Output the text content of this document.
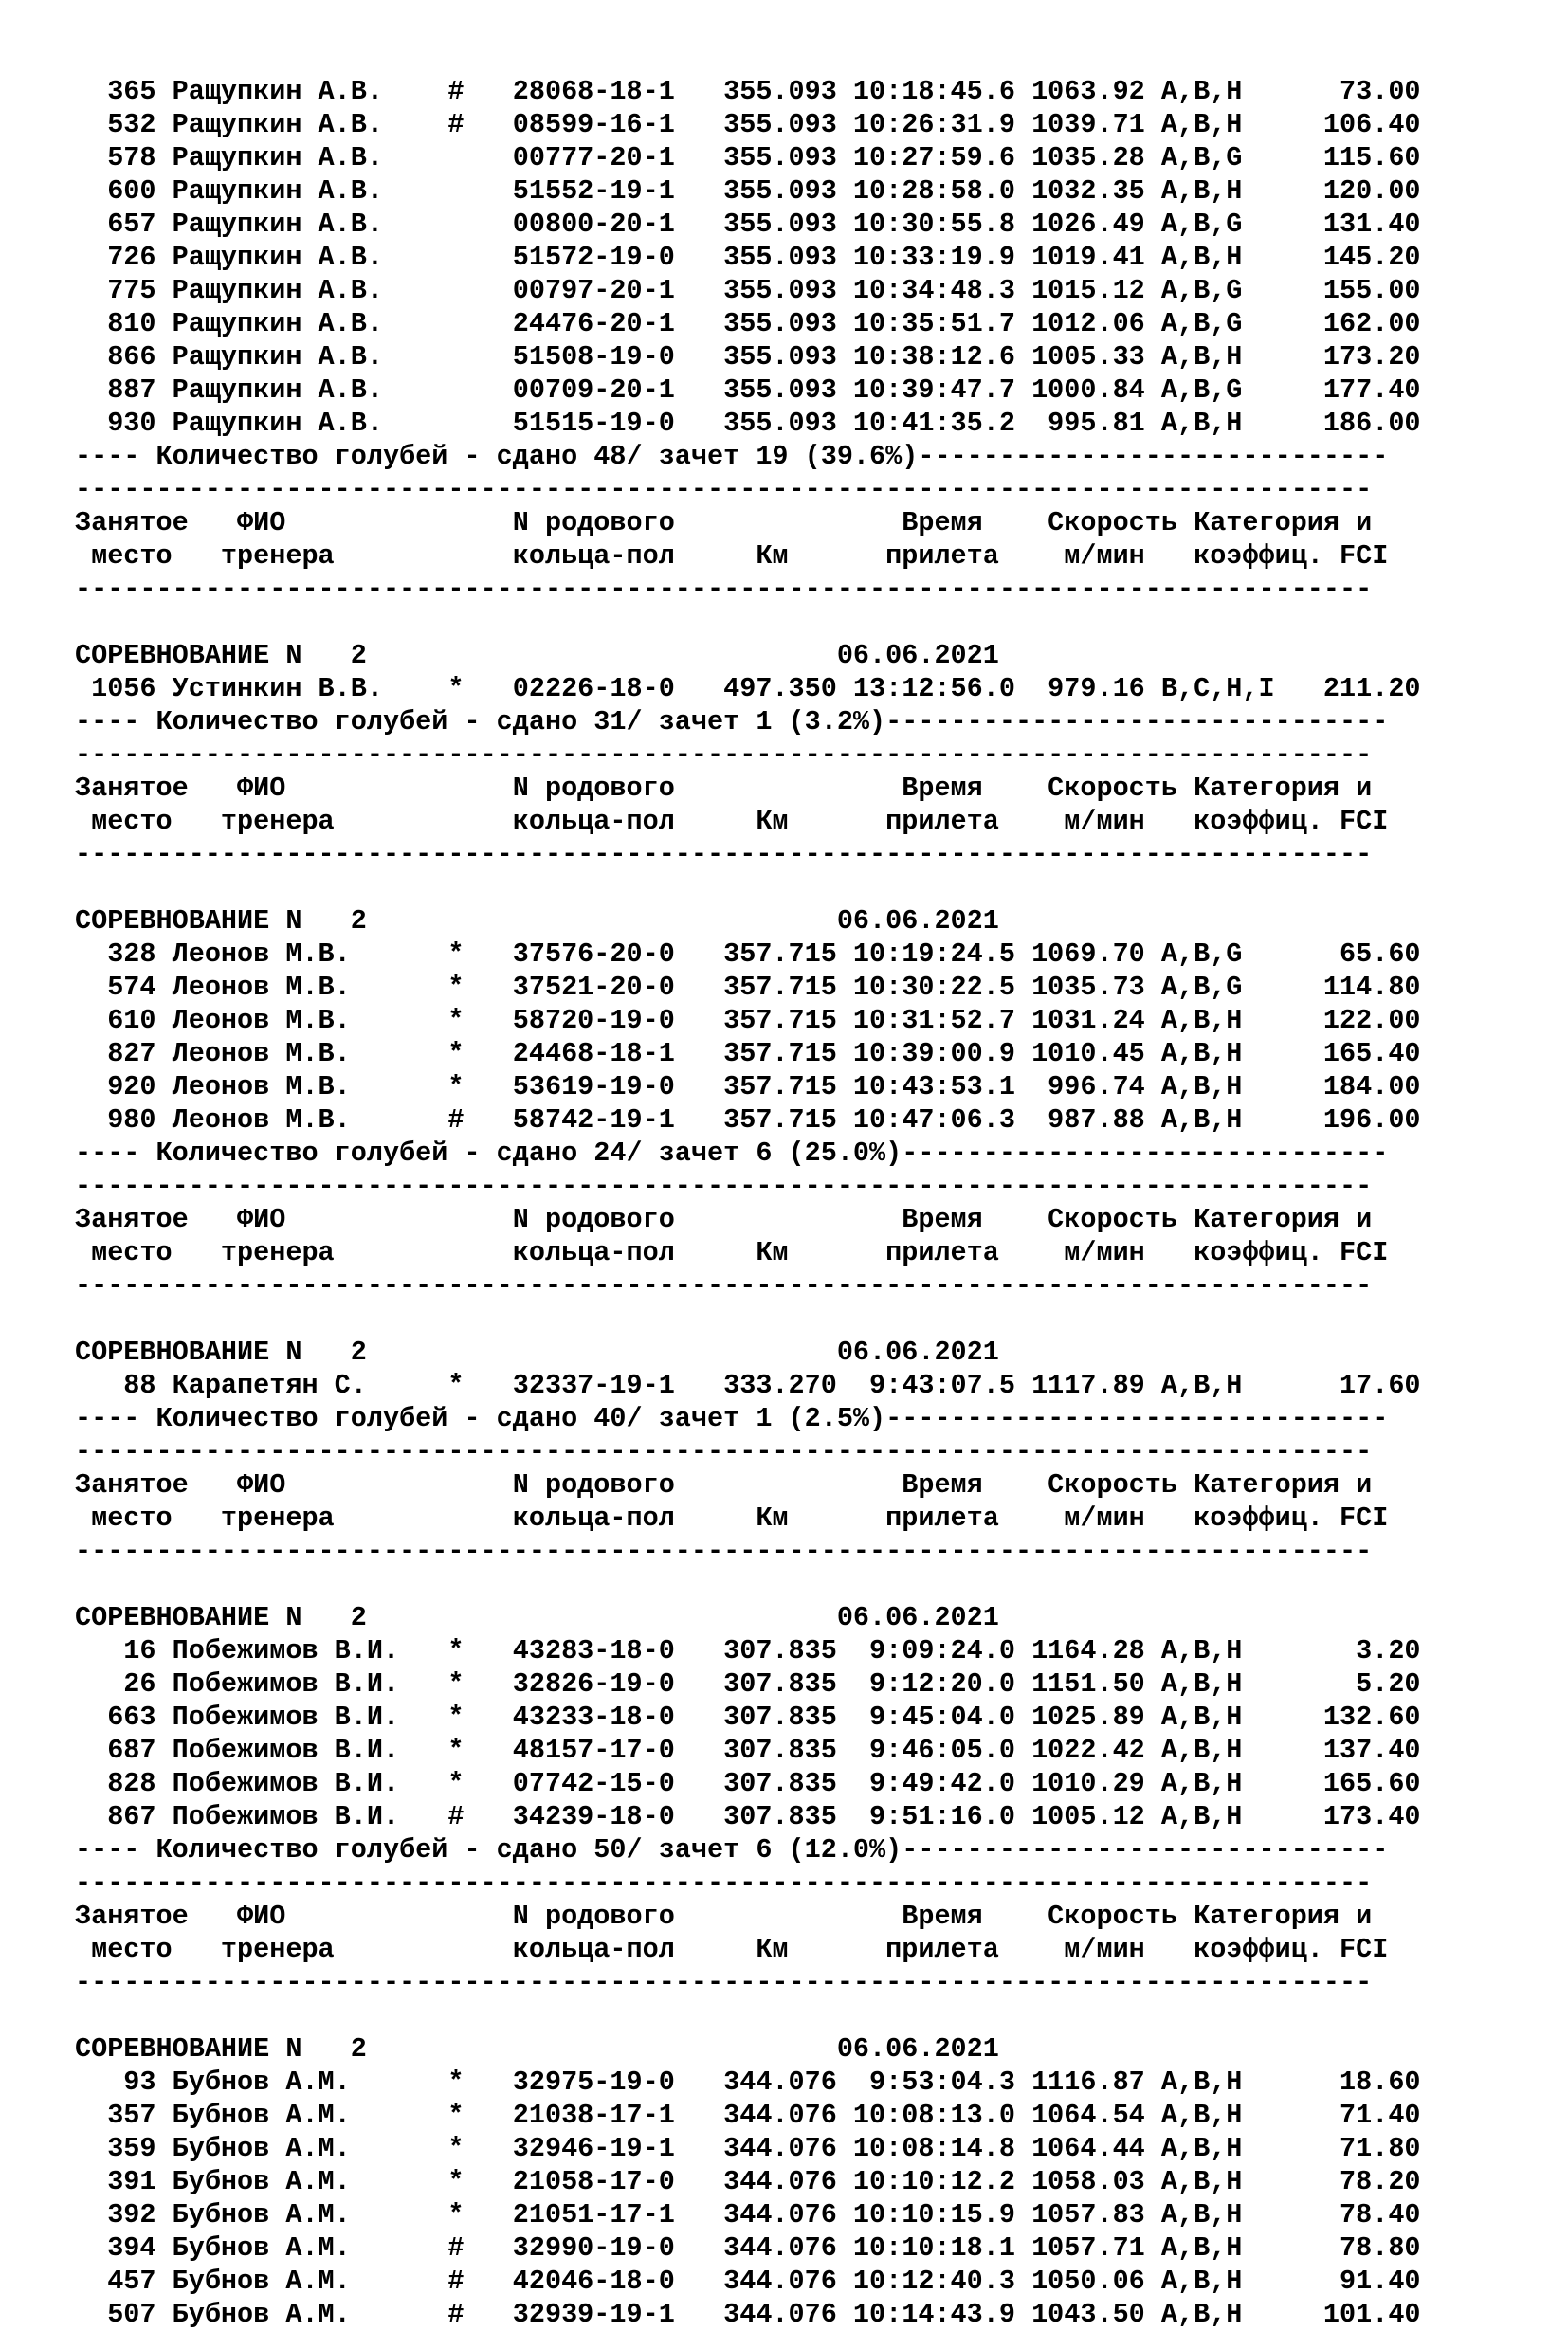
365 Ращупкин А.В.    #   28068-18-1   355.093 10:18:45.6 1063.92 A,B,H      73.00
532 Ращупкин А.В.    #   08599-16-1   355.093 10:26:31.9 1039.71 A,B,H     106.40
578 Ращупкин А.В.        00777-20-1   355.093 10:27:59.6 1035.28 A,B,G     115.60
600 Ращупкин А.В.        51552-19-1   355.093 10:28:58.0 1032.35 A,B,H     120.00
657 Ращупкин А.В.        00800-20-1   355.093 10:30:55.8 1026.49 A,B,G     131.40
726 Ращупкин А.В.        51572-19-0   355.093 10:33:19.9 1019.41 A,B,H     145.20
775 Ращупкин А.В.        00797-20-1   355.093 10:34:48.3 1015.12 A,B,G     155.00
810 Ращупкин А.В.        24476-20-1   355.093 10:35:51.7 1012.06 A,B,G     162.00
866 Ращупкин А.В.        51508-19-0   355.093 10:38:12.6 1005.33 A,B,H     173.20
887 Ращупкин А.В.        00709-20-1   355.093 10:39:47.7 1000.84 A,B,G     177.40
930 Ращупкин А.В.        51515-19-0   355.093 10:41:35.2  995.81 A,B,H     186.00
---- Количество голубей - сдано 48/ зачет 19 (39.6%)-----------------------------
--------------------------------------------------------------------------------
Занятое   ФИО              N родового              Время    Скорость Категория и
место   тренера           кольца-пол     Км      прилета    м/мин   коэффиц. FCI
--------------------------------------------------------------------------------
СОРЕВНОВАНИЕ N   2                             06.06.2021
1056 Устинкин В.В.    *   02226-18-0   497.350 13:12:56.0  979.16 B,C,H,I   211.20
---- Количество голубей - сдано 31/ зачет 1 (3.2%)-------------------------------
--------------------------------------------------------------------------------
Занятое   ФИО              N родового              Время    Скорость Категория и
место   тренера           кольца-пол     Км      прилета    м/мин   коэффиц. FCI
--------------------------------------------------------------------------------
СОРЕВНОВАНИЕ N   2                             06.06.2021
328 Леонов М.В.      *   37576-20-0   357.715 10:19:24.5 1069.70 A,B,G      65.60
574 Леонов М.В.      *   37521-20-0   357.715 10:30:22.5 1035.73 A,B,G     114.80
610 Леонов М.В.      *   58720-19-0   357.715 10:31:52.7 1031.24 A,B,H     122.00
827 Леонов М.В.      *   24468-18-1   357.715 10:39:00.9 1010.45 A,B,H     165.40
920 Леонов М.В.      *   53619-19-0   357.715 10:43:53.1  996.74 A,B,H     184.00
980 Леонов М.В.      #   58742-19-1   357.715 10:47:06.3  987.88 A,B,H     196.00
---- Количество голубей - сдано 24/ зачет 6 (25.0%)------------------------------
--------------------------------------------------------------------------------
Занятое   ФИО              N родового              Время    Скорость Категория и
место   тренера           кольца-пол     Км      прилета    м/мин   коэффиц. FCI
--------------------------------------------------------------------------------
СОРЕВНОВАНИЕ N   2                             06.06.2021
88 Карапетян С.     *   32337-19-1   333.270  9:43:07.5 1117.89 A,B,H      17.60
---- Количество голубей - сдано 40/ зачет 1 (2.5%)-------------------------------
--------------------------------------------------------------------------------
Занятое   ФИО              N родового              Время    Скорость Категория и
место   тренера           кольца-пол     Км      прилета    м/мин   коэффиц. FCI
--------------------------------------------------------------------------------
СОРЕВНОВАНИЕ N   2                             06.06.2021
16 Побежимов В.И.   *   43283-18-0   307.835  9:09:24.0 1164.28 A,B,H       3.20
26 Побежимов В.И.   *   32826-19-0   307.835  9:12:20.0 1151.50 A,B,H       5.20
663 Побежимов В.И.   *   43233-18-0   307.835  9:45:04.0 1025.89 A,B,H     132.60
687 Побежимов В.И.   *   48157-17-0   307.835  9:46:05.0 1022.42 A,B,H     137.40
828 Побежимов В.И.   *   07742-15-0   307.835  9:49:42.0 1010.29 A,B,H     165.60
867 Побежимов В.И.   #   34239-18-0   307.835  9:51:16.0 1005.12 A,B,H     173.40
---- Количество голубей - сдано 50/ зачет 6 (12.0%)------------------------------
--------------------------------------------------------------------------------
Занятое   ФИО              N родового              Время    Скорость Категория и
место   тренера           кольца-пол     Км      прилета    м/мин   коэффиц. FCI
--------------------------------------------------------------------------------
СОРЕВНОВАНИЕ N   2                             06.06.2021
93 Бубнов А.М.      *   32975-19-0   344.076  9:53:04.3 1116.87 A,B,H      18.60
357 Бубнов А.М.      *   21038-17-1   344.076 10:08:13.0 1064.54 A,B,H      71.40
359 Бубнов А.М.      *   32946-19-1   344.076 10:08:14.8 1064.44 A,B,H      71.80
391 Бубнов А.М.      *   21058-17-0   344.076 10:10:12.2 1058.03 A,B,H      78.20
392 Бубнов А.М.      *   21051-17-1   344.076 10:10:15.9 1057.83 A,B,H      78.40
394 Бубнов А.М.      #   32990-19-0   344.076 10:10:18.1 1057.71 A,B,H      78.80
457 Бубнов А.М.      #   42046-18-0   344.076 10:12:40.3 1050.06 A,B,H      91.40
507 Бубнов А.М.      #   32939-19-1   344.076 10:14:43.9 1043.50 A,B,H     101.40
